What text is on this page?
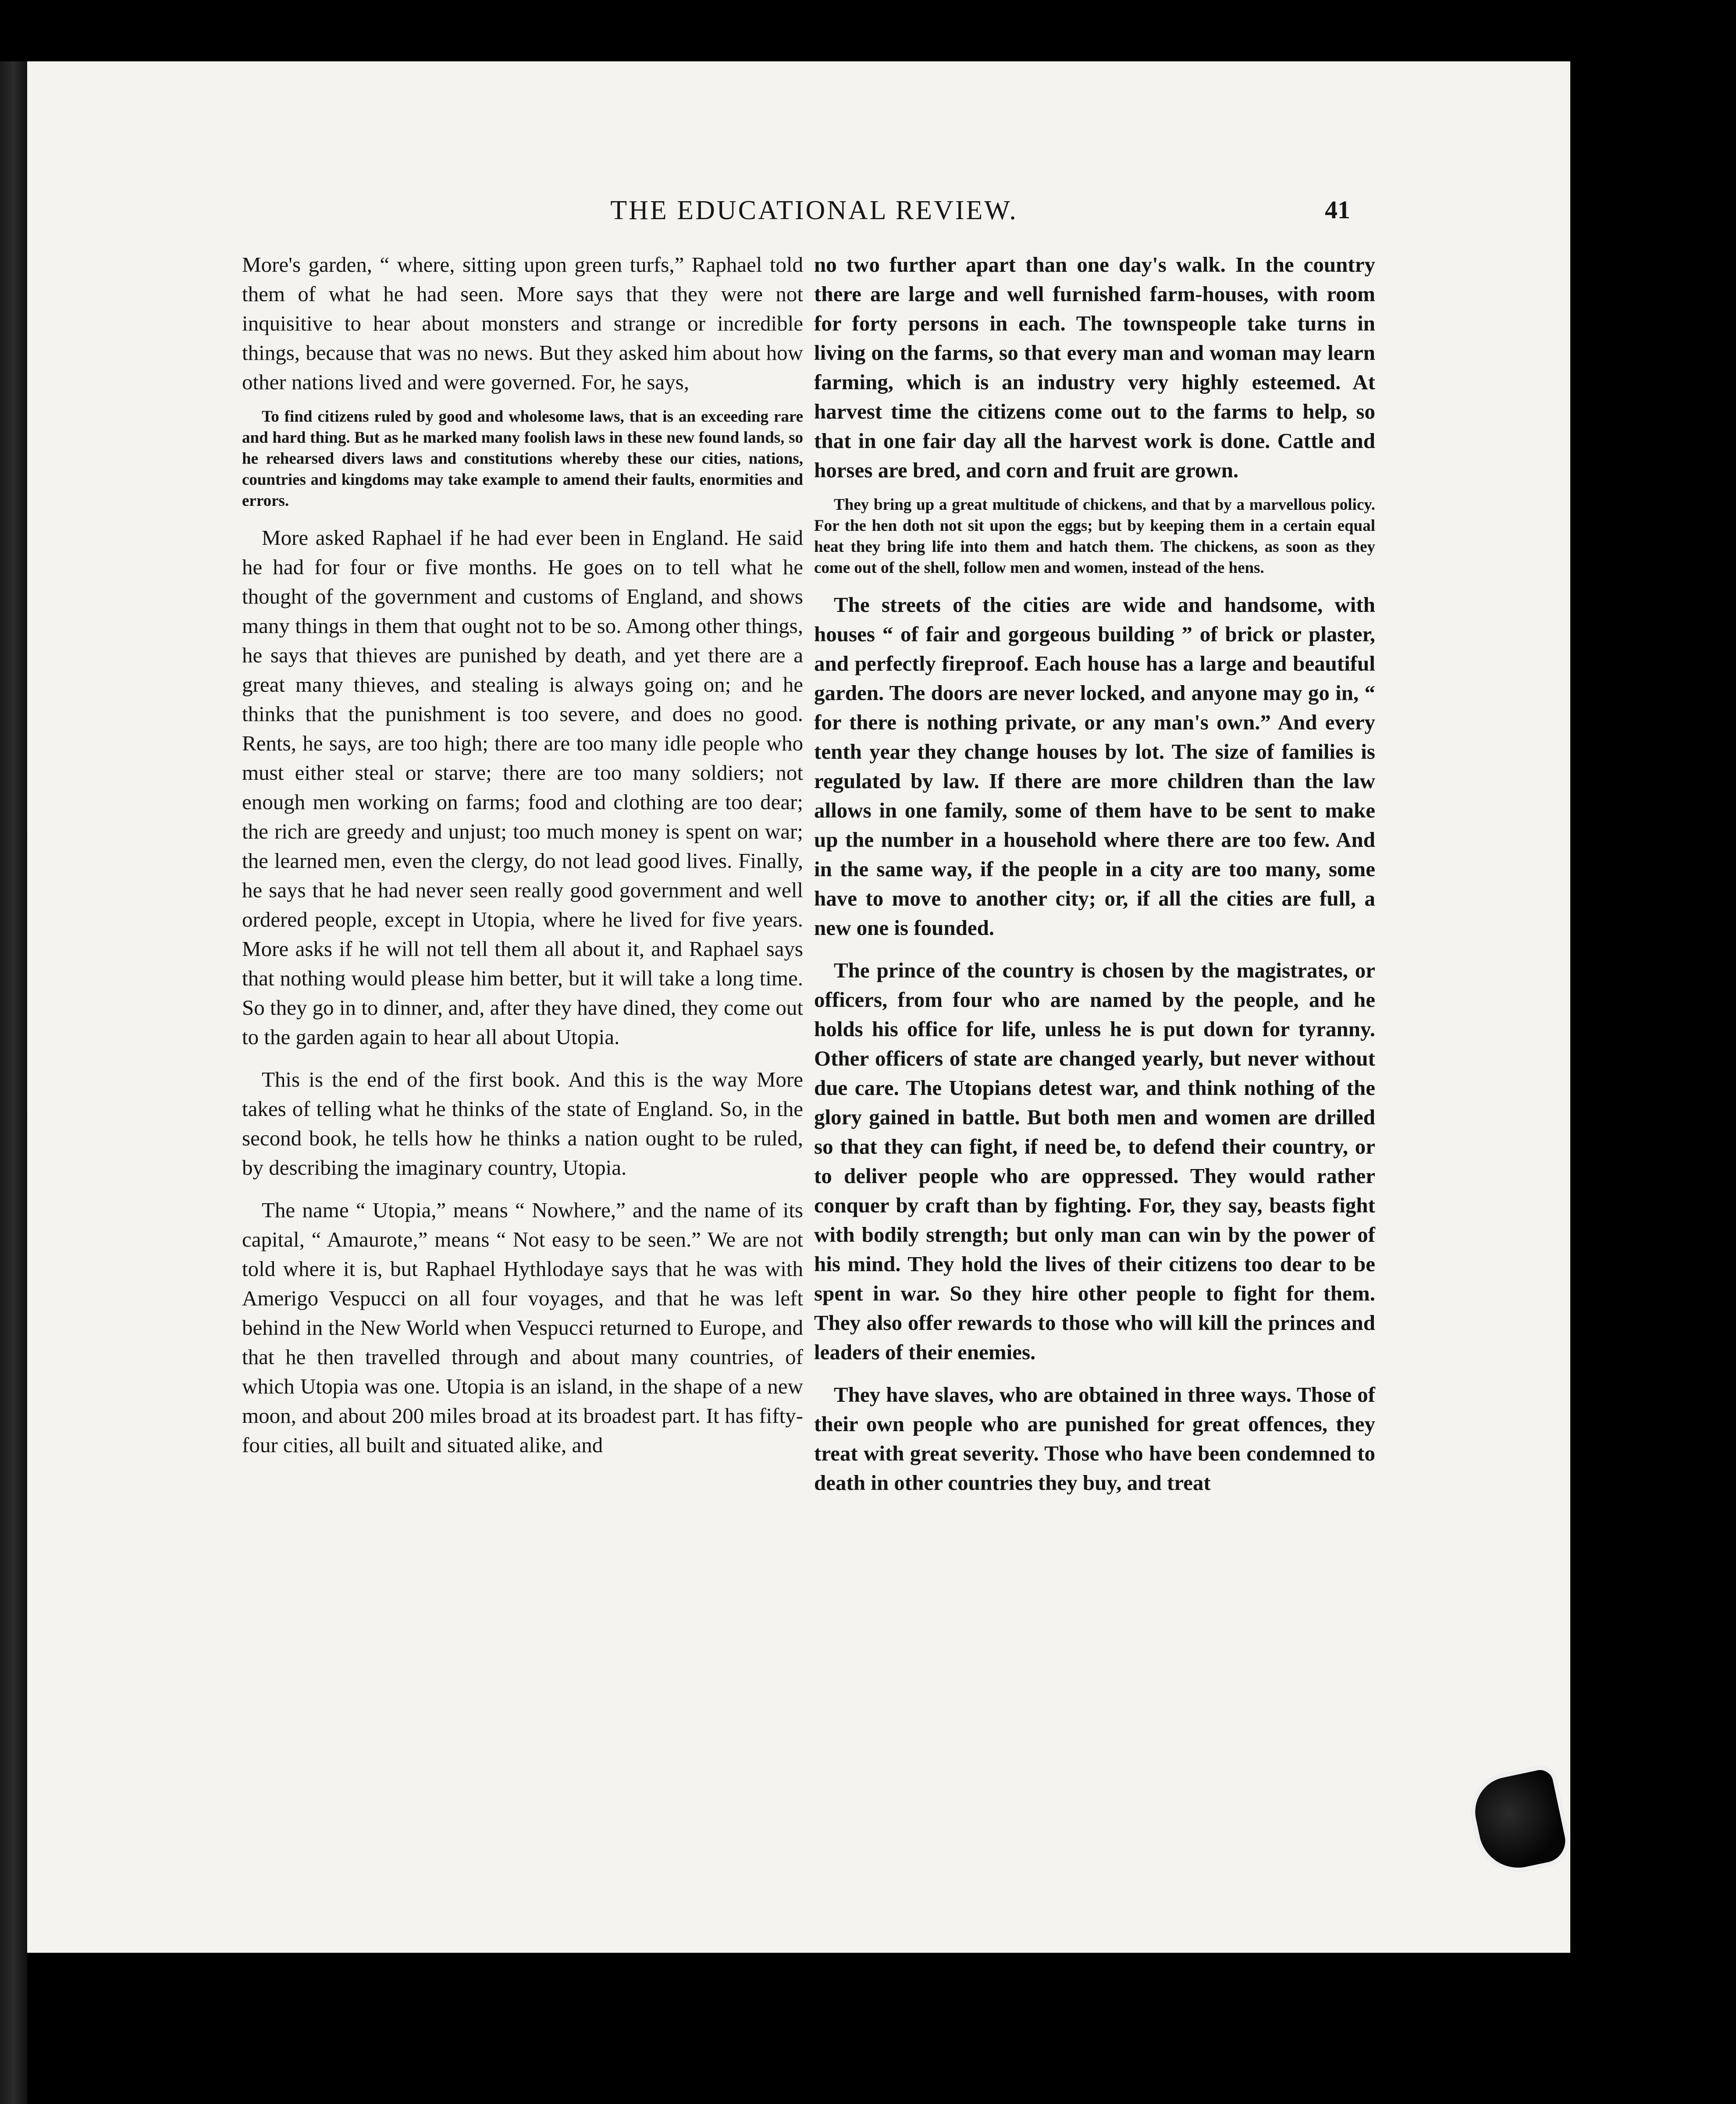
THE EDUCATIONAL REVIEW.	41

More's garden, “ where, sitting upon green turfs,” Raphael told them of what he had seen. More says that they were not inquisitive to hear about monsters and strange or incredible things, because that was no news. But they asked him about how other nations lived and were governed. For, he says,

To find citizens ruled by good and wholesome laws, that is an exceeding rare and hard thing. But as he marked many foolish laws in these new found lands, so he rehearsed divers laws and constitutions whereby these our cities, nations, countries and kingdoms may take example to amend their faults, enormities and errors.

More asked Raphael if he had ever been in England. He said he had for four or five months. He goes on to tell what he thought of the government and customs of England, and shows many things in them that ought not to be so. Among other things, he says that thieves are punished by death, and yet there are a great many thieves, and stealing is always going on; and he thinks that the punishment is too severe, and does no good. Rents, he says, are too high; there are too many idle people who must either steal or starve; there are too many soldiers; not enough men working on farms; food and clothing are too dear; the rich are greedy and unjust; too much money is spent on war; the learned men, even the clergy, do not lead good lives. Finally, he says that he had never seen really good government and well ordered people, except in Utopia, where he lived for five years. More asks if he will not tell them all about it, and Raphael says that nothing would please him better, but it will take a long time. So they go in to dinner, and, after they have dined, they come out to the garden again to hear all about Utopia.

This is the end of the first book. And this is the way More takes of telling what he thinks of the state of England. So, in the second book, he tells how he thinks a nation ought to be ruled, by describing the imaginary country, Utopia.

The name “ Utopia,” means “ Nowhere,” and the name of its capital, “ Amaurote,” means “ Not easy to be seen.” We are not told where it is, but Raphael Hythlodaye says that he was with Amerigo Vespucci on all four voyages, and that he was left behind in the New World when Vespucci returned to Europe, and that he then travelled through and about many countries, of which Utopia was one. Utopia is an island, in the shape of a new moon, and about 200 miles broad at its broadest part. It has fifty-four cities, all built and situated alike, and

no two further apart than one day's walk. In the country there are large and well furnished farm-houses, with room for forty persons in each. The townspeople take turns in living on the farms, so that every man and woman may learn farming, which is an industry very highly esteemed. At harvest time the citizens come out to the farms to help, so that in one fair day all the harvest work is done. Cattle and horses are bred, and corn and fruit are grown.

They bring up a great multitude of chickens, and that by a marvellous policy. For the hen doth not sit upon the eggs; but by keeping them in a certain equal heat they bring life into them and hatch them. The chickens, as soon as they come out of the shell, follow men and women, instead of the hens.

The streets of the cities are wide and handsome, with houses “ of fair and gorgeous building ” of brick or plaster, and perfectly fireproof. Each house has a large and beautiful garden. The doors are never locked, and anyone may go in, “ for there is nothing private, or any man's own.” And every tenth year they change houses by lot. The size of families is regulated by law. If there are more children than the law allows in one family, some of them have to be sent to make up the number in a household where there are too few. And in the same way, if the people in a city are too many, some have to move to another city; or, if all the cities are full, a new one is founded.

The prince of the country is chosen by the magistrates, or officers, from four who are named by the people, and he holds his office for life, unless he is put down for tyranny. Other officers of state are changed yearly, but never without due care. The Utopians detest war, and think nothing of the glory gained in battle. But both men and women are drilled so that they can fight, if need be, to defend their country, or to deliver people who are oppressed. They would rather conquer by craft than by fighting. For, they say, beasts fight with bodily strength; but only man can win by the power of his mind. They hold the lives of their citizens too dear to be spent in war. So they hire other people to fight for them. They also offer rewards to those who will kill the princes and leaders of their enemies.

They have slaves, who are obtained in three ways. Those of their own people who are punished for great offences, they treat with great severity. Those who have been condemned to death in other countries they buy, and treat
